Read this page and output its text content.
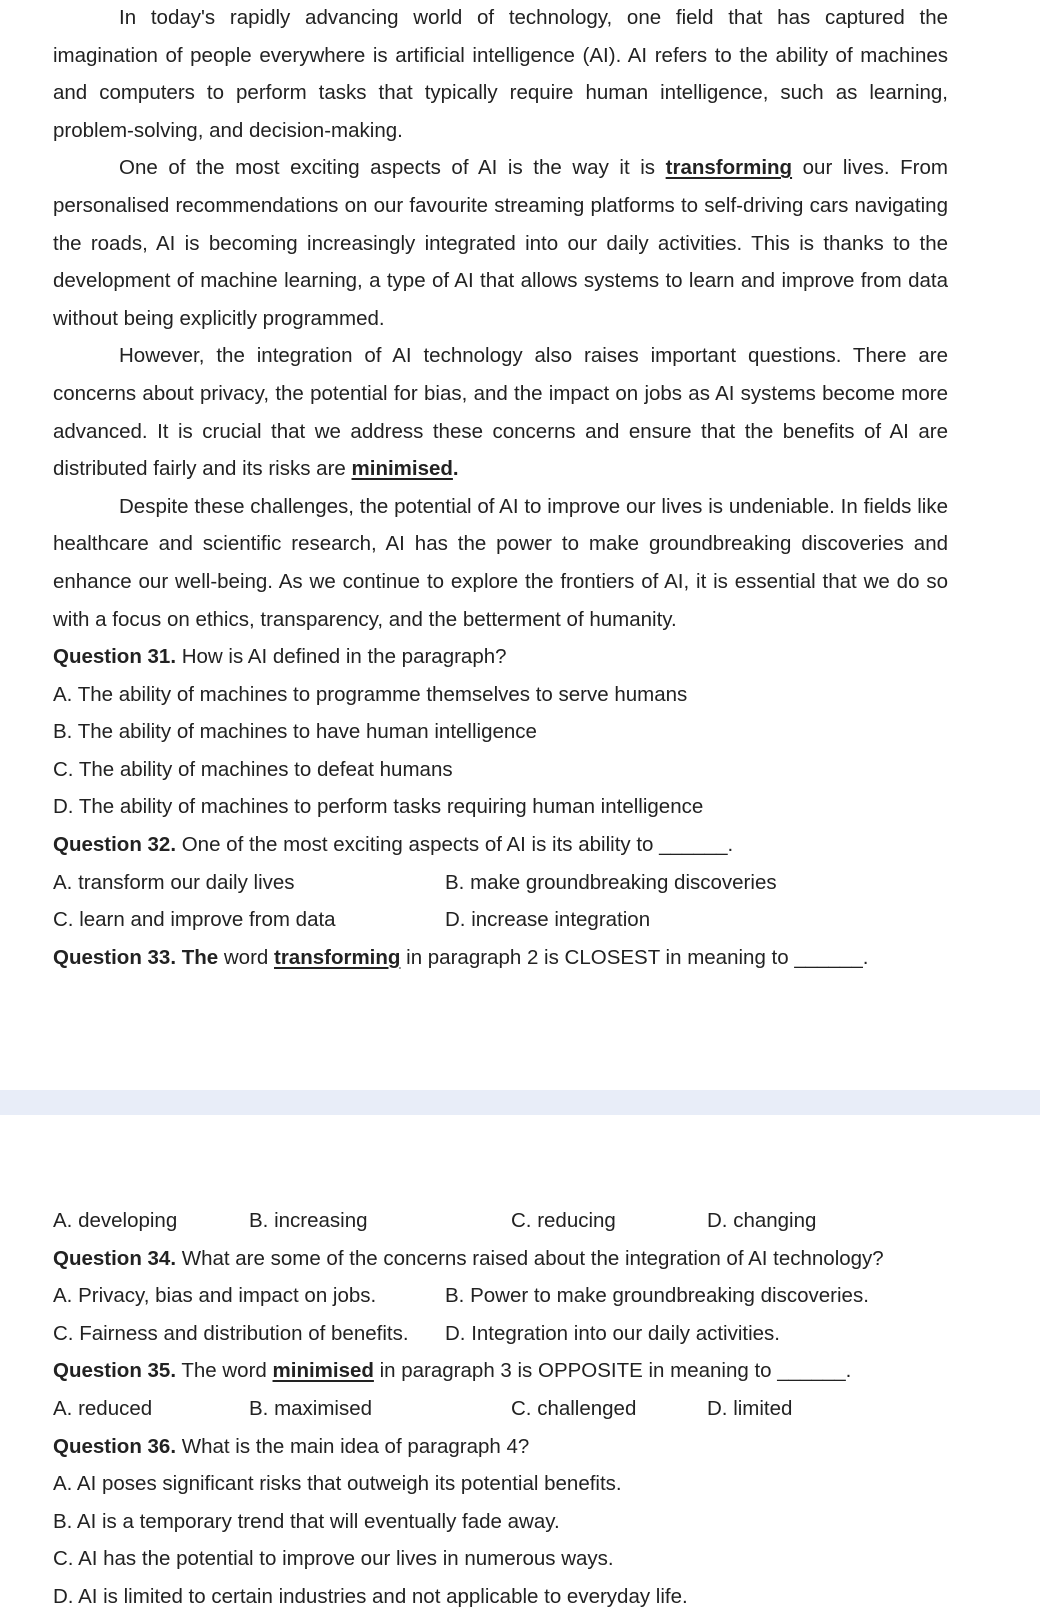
In today's rapidly advancing world of technology, one field that has captured the imagination of people everywhere is artificial intelligence (AI). AI refers to the ability of machines and computers to perform tasks that typically require human intelligence, such as learning, problem-solving, and decision-making.

One of the most exciting aspects of AI is the way it is transforming our lives. From personalised recommendations on our favourite streaming platforms to self-driving cars navigating the roads, AI is becoming increasingly integrated into our daily activities. This is thanks to the development of machine learning, a type of AI that allows systems to learn and improve from data without being explicitly programmed.

However, the integration of AI technology also raises important questions. There are concerns about privacy, the potential for bias, and the impact on jobs as AI systems become more advanced. It is crucial that we address these concerns and ensure that the benefits of AI are distributed fairly and its risks are minimised.

Despite these challenges, the potential of AI to improve our lives is undeniable. In fields like healthcare and scientific research, AI has the power to make groundbreaking discoveries and enhance our well-being. As we continue to explore the frontiers of AI, it is essential that we do so with a focus on ethics, transparency, and the betterment of humanity.

Question 31. How is AI defined in the paragraph?

A. The ability of machines to programme themselves to serve humans

B. The ability of machines to have human intelligence

C. The ability of machines to defeat humans

D. The ability of machines to perform tasks requiring human intelligence

Question 32. One of the most exciting aspects of AI is its ability to ______.

A. transform our daily lives	B. make groundbreaking discoveries
C. learn and improve from data	D. increase integration

Question 33. The word transforming in paragraph 2 is CLOSEST in meaning to ______.

A. developing	B. increasing	C. reducing	D. changing

Question 34. What are some of the concerns raised about the integration of AI technology?

A. Privacy, bias and impact on jobs.	B. Power to make groundbreaking discoveries.
C. Fairness and distribution of benefits.	D. Integration into our daily activities.

Question 35. The word minimised in paragraph 3 is OPPOSITE in meaning to ______.

A. reduced	B. maximised	C. challenged	D. limited

Question 36. What is the main idea of paragraph 4?

A. AI poses significant risks that outweigh its potential benefits.

B. AI is a temporary trend that will eventually fade away.

C. AI has the potential to improve our lives in numerous ways.

D. AI is limited to certain industries and not applicable to everyday life.
